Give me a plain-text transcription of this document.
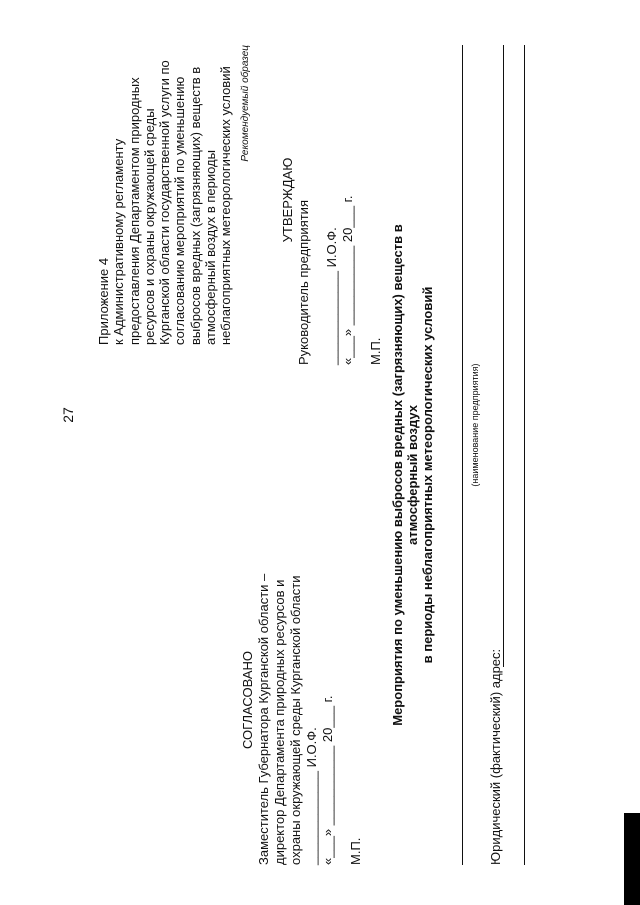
27
Приложение 4 к Административному регламенту предоставления Департаментом природных ресурсов и охраны окружающей среды Курганской области государственной услуги по согласованию мероприятий по уменьшению выбросов вредных (загрязняющих) веществ в атмосферный воздух в периоды неблагоприятных метеорологических условий Рекомендуемый образец
СОГЛАСОВАНО Заместитель Губернатора Курганской области – директор Департамента природных ресурсов и охраны окружающей среды Курганской области _____________ И.О.Ф. «___» ___________ 20___ г. М.П.
УТВЕРЖДАЮ Руководитель предприятия _____________ И.О.Ф. «___» ___________ 20___ г. М.П. Мероприятия по уменьшению выбросов вредных (загрязняющих) веществ в атмосферный воздух в периоды неблагоприятных метеорологических условий	(наименование предприятия)
Юридический (фактический) адрес:
